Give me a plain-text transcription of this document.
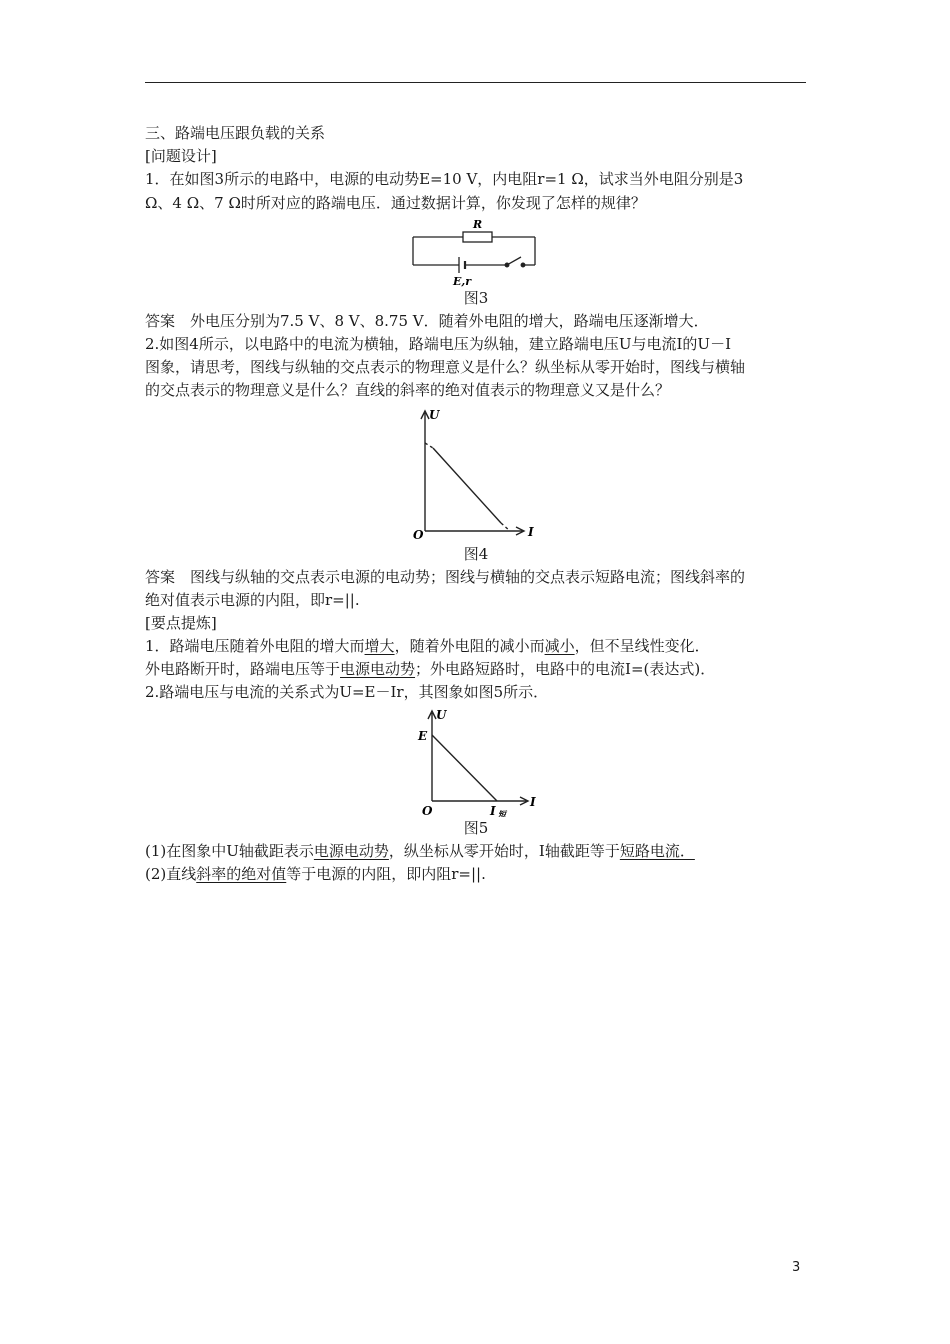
三、路端电压跟负载的关系
[问题设计]
1．在如图3所示的电路中，电源的电动势E=10 V，内电阻r=1 Ω，试求当外电阻分别是3
Ω、4 Ω、7 Ω时所对应的路端电压．通过数据计算，你发现了怎样的规律？
R
E,r
图3
答案　外电压分别为7.5 V、8 V、8.75 V．随着外电阻的增大，路端电压逐渐增大．
2.如图4所示，以电路中的电流为横轴，路端电压为纵轴，建立路端电压U与电流I的U－I
图象，请思考，图线与纵轴的交点表示的物理意义是什么？纵坐标从零开始时，图线与横轴
的交点表示的物理意义是什么？直线的斜率的绝对值表示的物理意义又是什么？
U
I
O
图4
答案　图线与纵轴的交点表示电源的电动势；图线与横轴的交点表示短路电流；图线斜率的
绝对值表示电源的内阻，即r=||.
[要点提炼]
1．路端电压随着外电阻的增大而增大，随着外电阻的减小而减小，但不呈线性变化．
外电路断开时，路端电压等于电源电动势；外电路短路时，电路中的电流I=(表达式)．
2.路端电压与电流的关系式为U=E－Ir，其图象如图5所示．
U
E
I
O	I 短
图5
(1)在图象中U轴截距表示电源电动势，纵坐标从零开始时，I轴截距等于短路电流．
(2)直线斜率的绝对值等于电源的内阻，即内阻r=||.
3
